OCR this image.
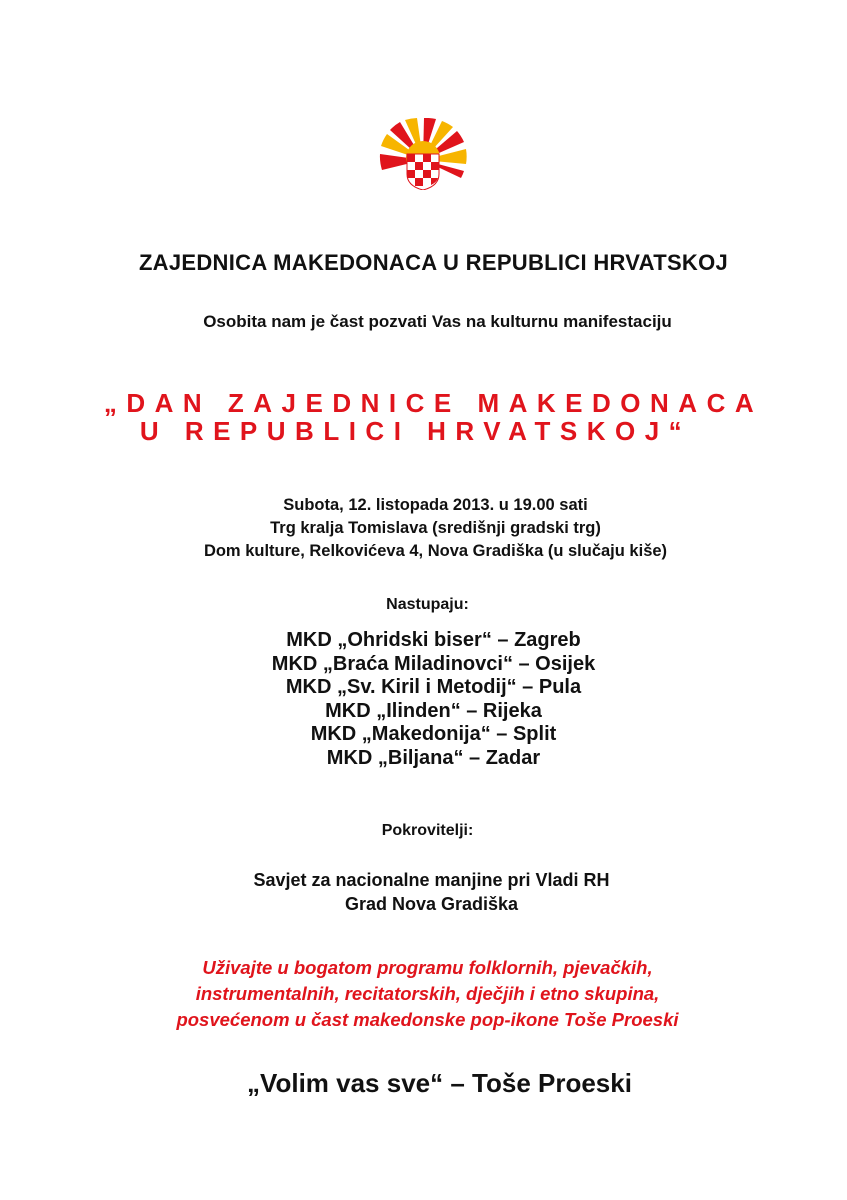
ZAJEDNICA MAKEDONACA U REPUBLICI HRVATSKOJ
Osobita nam je čast pozvati Vas na kulturnu manifestaciju
„DAN ZAJEDNICE MAKEDONACA
U REPUBLICI HRVATSKOJ“
Subota, 12. listopada 2013. u 19.00 sati
Trg kralja Tomislava (središnji gradski trg)
Dom kulture, Relkovićeva 4, Nova Gradiška (u slučaju kiše)
Nastupaju:
MKD „Ohridski biser“ – Zagreb
MKD „Braća Miladinovci“ – Osijek
MKD „Sv. Kiril i Metodij“ – Pula
MKD „Ilinden“ – Rijeka
MKD „Makedonija“ – Split
MKD „Biljana“ – Zadar
Pokrovitelji:
Savjet za nacionalne manjine pri Vladi RH
Grad Nova Gradiška
Uživajte u bogatom programu folklornih, pjevačkih,
instrumentalnih, recitatorskih, dječjih i etno skupina,
posvećenom u čast makedonske pop-ikone Toše Proeski
„Volim vas sve“ – Toše Proeski
